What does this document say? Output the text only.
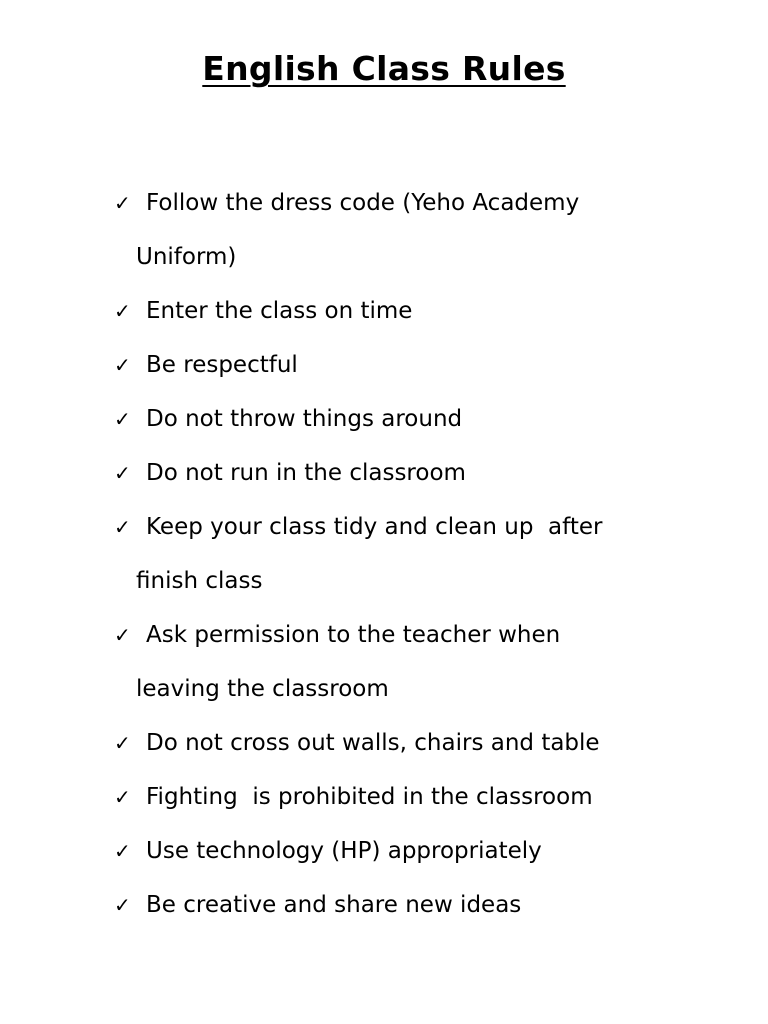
English Class Rules
✓ Follow the dress code (Yeho Academy
Uniform)
✓ Enter the class on time
✓ Be respectful
✓ Do not throw things around
✓ Do not run in the classroom
✓ Keep your class tidy and clean up  after
finish class
✓ Ask permission to the teacher when
leaving the classroom
✓ Do not cross out walls, chairs and table
✓ Fighting  is prohibited in the classroom
✓ Use technology (HP) appropriately
✓ Be creative and share new ideas
